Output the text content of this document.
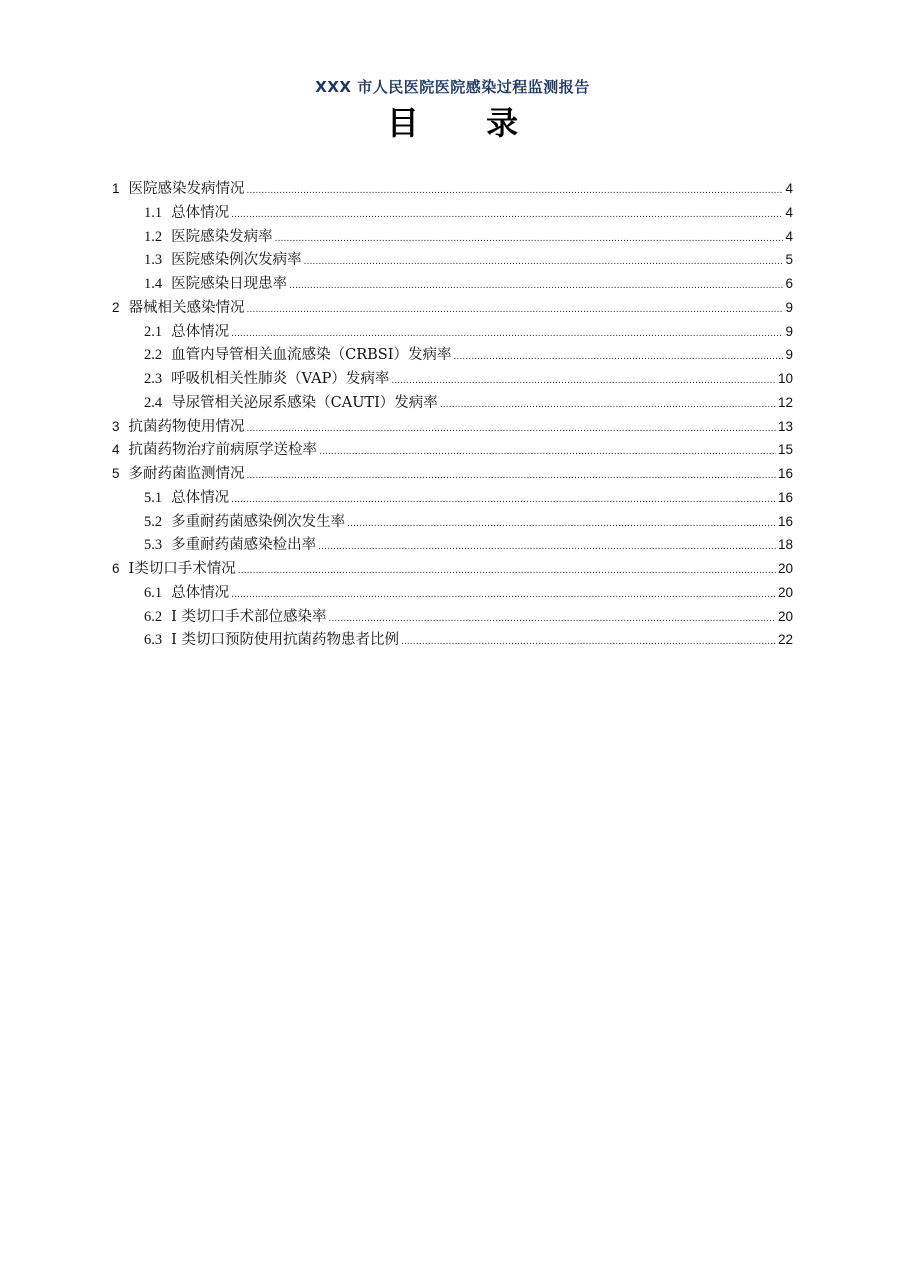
XXX 市人民医院医院感染过程监测报告
目 录
1 医院感染发病情况 .....	4
1.1 总体情况 .....	4
1.2 医院感染发病率 .....	4
1.3 医院感染例次发病率 .....	5
1.4 医院感染日现患率 .....	6
2 器械相关感染情况 .....	9
2.1 总体情况 .....	9
2.2 血管内导管相关血流感染（CRBSI）发病率 .....	9
2.3 呼吸机相关性肺炎（VAP）发病率 .....	10
2.4 导尿管相关泌尿系感染（CAUTI）发病率 .....	12
3 抗菌药物使用情况 .....	13
4 抗菌药物治疗前病原学送检率 .....	15
5 多耐药菌监测情况 .....	16
5.1 总体情况 .....	16
5.2 多重耐药菌感染例次发生率 .....	16
5.3 多重耐药菌感染检出率 .....	18
6 Ⅰ类切口手术情况 .....	20
6.1 总体情况 .....	20
6.2 I 类切口手术部位感染率 .....	20
6.3 I 类切口预防使用抗菌药物患者比例 .....	22
